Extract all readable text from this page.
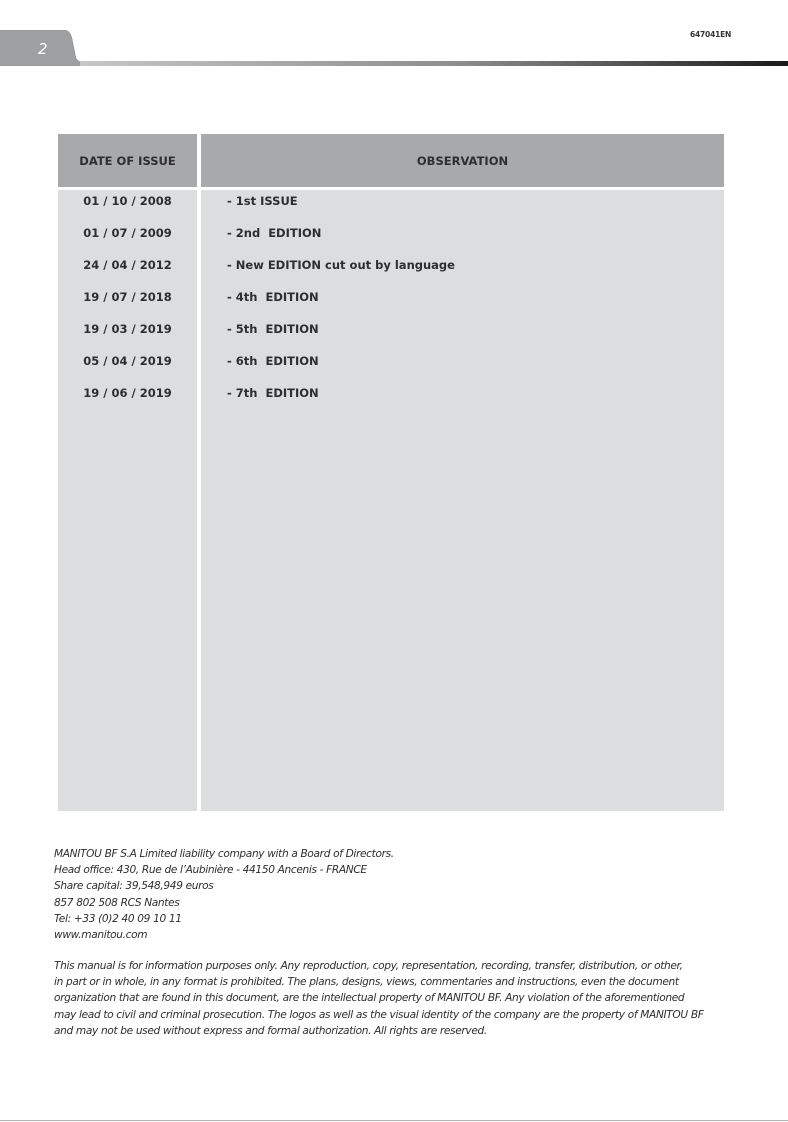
2
647041EN
DATE OF ISSUE	OBSERVATION
01 / 10 / 2008
01 / 07 / 2009
24 / 04 / 2012
19 / 07 / 2018
19 / 03 / 2019
05 / 04 / 2019
19 / 06 / 2019
- 1st ISSUE
- 2nd  EDITION
- New EDITION cut out by language
- 4th  EDITION
- 5th  EDITION
- 6th  EDITION
- 7th  EDITION
MANITOU BF S.A Limited liability company with a Board of Directors.
Head office: 430, Rue de l’Aubinière - 44150 Ancenis - FRANCE
Share capital: 39,548,949 euros
857 802 508 RCS Nantes
Tel: +33 (0)2 40 09 10 11
www.manitou.com
This manual is for information purposes only. Any reproduction, copy, representation, recording, transfer, distribution, or other,
in part or in whole, in any format is prohibited. The plans, designs, views, commentaries and instructions, even the document
organization that are found in this document, are the intellectual property of MANITOU BF. Any violation of the aforementioned
may lead to civil and criminal prosecution. The logos as well as the visual identity of the company are the property of MANITOU BF
and may not be used without express and formal authorization. All rights are reserved.
